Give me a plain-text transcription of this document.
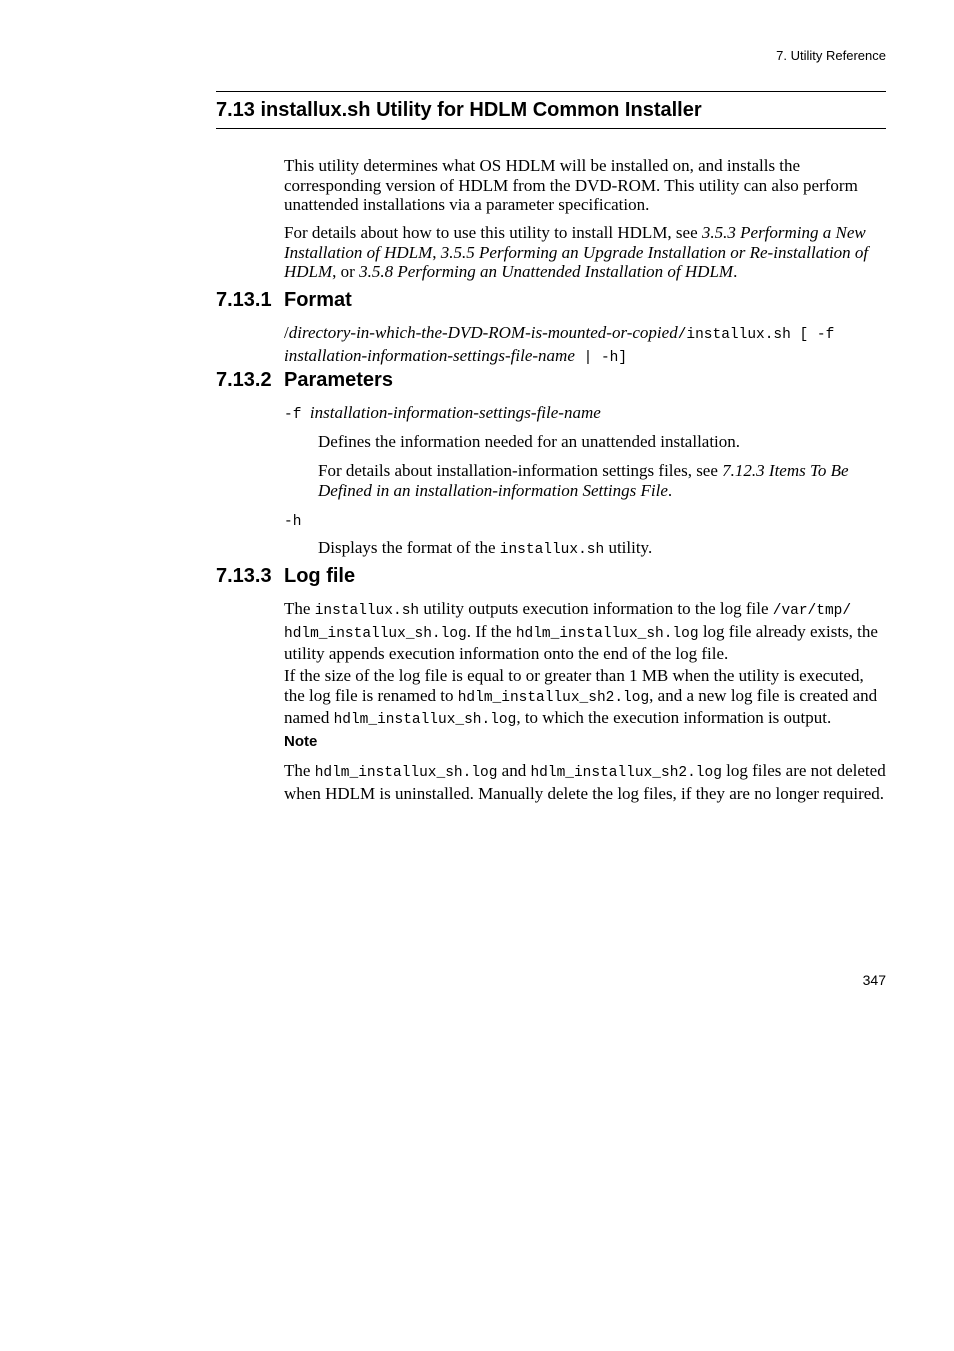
7. Utility Reference
7.13 installux.sh Utility for HDLM Common Installer
This utility determines what OS HDLM will be installed on, and installs the corresponding version of HDLM from the DVD-ROM. This utility can also perform unattended installations via a parameter specification.
For details about how to use this utility to install HDLM, see 3.5.3 Performing a New Installation of HDLM, 3.5.5 Performing an Upgrade Installation or Re-installation of HDLM, or 3.5.8 Performing an Unattended Installation of HDLM.
7.13.1 Format
/directory-in-which-the-DVD-ROM-is-mounted-or-copied/installux.sh [ -f
installation-information-settings-file-name | -h]
7.13.2 Parameters
-f installation-information-settings-file-name
Defines the information needed for an unattended installation.
For details about installation-information settings files, see 7.12.3 Items To Be Defined in an installation-information Settings File.
-h
Displays the format of the installux.sh utility.
7.13.3 Log file
The installux.sh utility outputs execution information to the log file /var/tmp/
hdlm_installux_sh.log. If the hdlm_installux_sh.log log file already exists, the utility appends execution information onto the end of the log file.
If the size of the log file is equal to or greater than 1 MB when the utility is executed, the log file is renamed to hdlm_installux_sh2.log, and a new log file is created and named hdlm_installux_sh.log, to which the execution information is output.
Note
The hdlm_installux_sh.log and hdlm_installux_sh2.log log files are not deleted when HDLM is uninstalled. Manually delete the log files, if they are no longer required.
347
